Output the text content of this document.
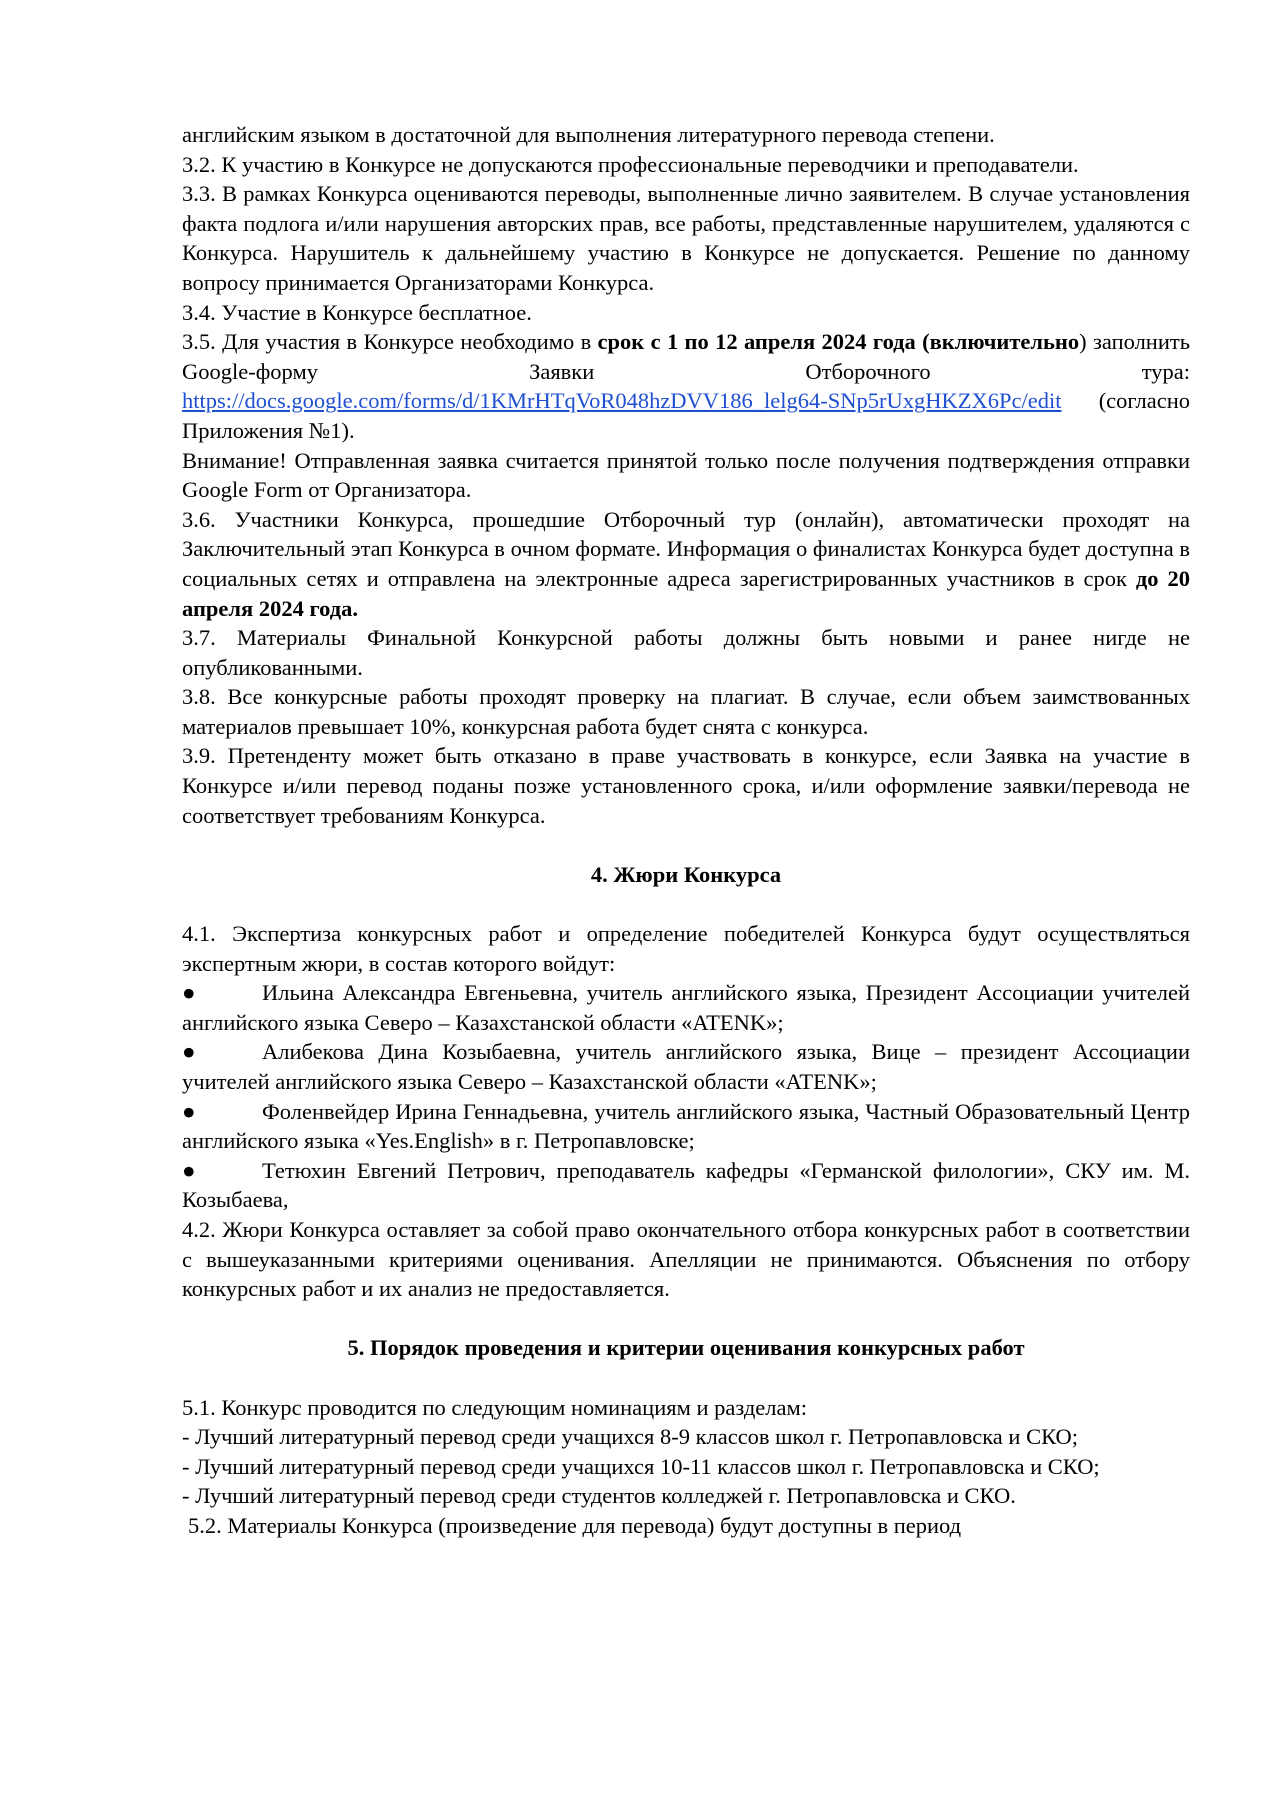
английским языком в достаточной для выполнения литературного перевода степени.

3.2. К участию в Конкурсе не допускаются профессиональные переводчики и преподаватели.

3.3. В рамках Конкурса оцениваются переводы, выполненные лично заявителем. В случае установления факта подлога и/или нарушения авторских прав, все работы, представленные нарушителем, удаляются с Конкурса. Нарушитель к дальнейшему участию в Конкурсе не допускается. Решение по данному вопросу принимается Организаторами Конкурса.

3.4. Участие в Конкурсе бесплатное.

3.5. Для участия в Конкурсе необходимо в срок с 1 по 12 апреля 2024 года (включительно) заполнить Google-форму Заявки Отборочного тура: https://docs.google.com/forms/d/1KMrHTqVoR048hzDVV186_lelg64-SNp5rUxgHKZX6Pc/edit (согласно Приложения №1).

Внимание! Отправленная заявка считается принятой только после получения подтверждения отправки Google Form от Организатора.

3.6. Участники Конкурса, прошедшие Отборочный тур (онлайн), автоматически проходят на Заключительный этап Конкурса в очном формате. Информация о финалистах Конкурса будет доступна в социальных сетях и отправлена на электронные адреса зарегистрированных участников в срок до 20 апреля 2024 года.

3.7. Материалы Финальной Конкурсной работы должны быть новыми и ранее нигде не опубликованными.

3.8. Все конкурсные работы проходят проверку на плагиат. В случае, если объем заимствованных материалов превышает 10%, конкурсная работа будет снята с конкурса.

3.9. Претенденту может быть отказано в праве участвовать в конкурсе, если Заявка на участие в Конкурсе и/или перевод поданы позже установленного срока, и/или оформление заявки/перевода не соответствует требованиям Конкурса.

4. Жюри Конкурса

4.1. Экспертиза конкурсных работ и определение победителей Конкурса будут осуществляться экспертным жюри, в состав которого войдут:

●	Ильина Александра Евгеньевна, учитель английского языка, Президент Ассоциации учителей английского языка Северо – Казахстанской области «ATENK»;

●	Алибекова Дина Козыбаевна, учитель английского языка, Вице – президент Ассоциации учителей английского языка Северо – Казахстанской области «ATENK»;

●	Фоленвейдер Ирина Геннадьевна, учитель английского языка, Частный Образовательный Центр английского языка «Yes.English» в г. Петропавловске;

●	Тетюхин Евгений Петрович, преподаватель кафедры «Германской филологии», СКУ им. М. Козыбаева,

4.2. Жюри Конкурса оставляет за собой право окончательного отбора конкурсных работ в соответствии с вышеуказанными критериями оценивания. Апелляции не принимаются. Объяснения по отбору конкурсных работ и их анализ не предоставляется.

5. Порядок проведения и критерии оценивания конкурсных работ

5.1. Конкурс проводится по следующим номинациям и разделам:

- Лучший литературный перевод среди учащихся 8-9 классов школ г. Петропавловска и СКО;

- Лучший литературный перевод среди учащихся 10-11 классов школ г. Петропавловска и СКО;

- Лучший литературный перевод среди студентов колледжей г. Петропавловска и СКО.

5.2. Материалы Конкурса (произведение для перевода) будут доступны в период
